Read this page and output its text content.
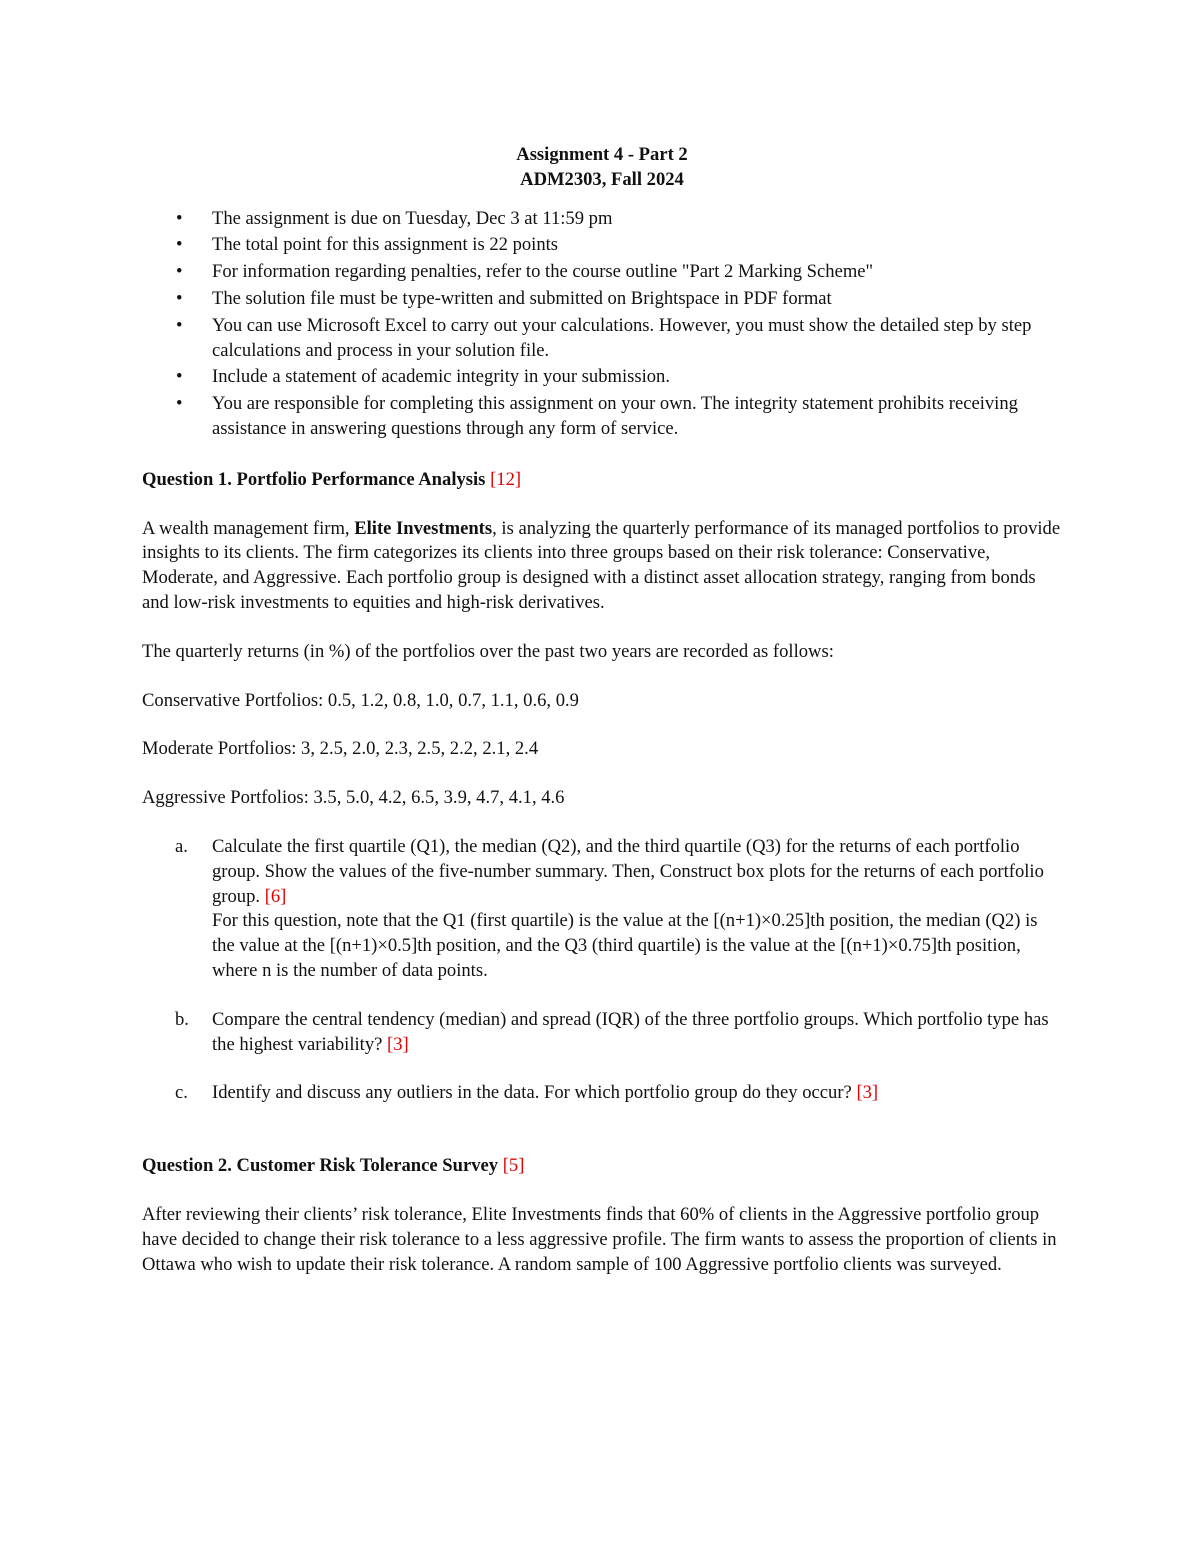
Assignment 4 - Part 2

ADM2303, Fall 2024

• The assignment is due on Tuesday, Dec 3 at 11:59 pm
• The total point for this assignment is 22 points
• For information regarding penalties, refer to the course outline "Part 2 Marking Scheme"
• The solution file must be type-written and submitted on Brightspace in PDF format
• You can use Microsoft Excel to carry out your calculations. However, you must show the detailed step by step calculations and process in your solution file.
• Include a statement of academic integrity in your submission.
• You are responsible for completing this assignment on your own. The integrity statement prohibits receiving assistance in answering questions through any form of service.

Question 1. Portfolio Performance Analysis [12]

A wealth management firm, Elite Investments, is analyzing the quarterly performance of its managed portfolios to provide insights to its clients. The firm categorizes its clients into three groups based on their risk tolerance: Conservative, Moderate, and Aggressive. Each portfolio group is designed with a distinct asset allocation strategy, ranging from bonds and low-risk investments to equities and high-risk derivatives.

The quarterly returns (in %) of the portfolios over the past two years are recorded as follows:

Conservative Portfolios: 0.5, 1.2, 0.8, 1.0, 0.7, 1.1, 0.6, 0.9

Moderate Portfolios: 3, 2.5, 2.0, 2.3, 2.5, 2.2, 2.1, 2.4

Aggressive Portfolios: 3.5, 5.0, 4.2, 6.5, 3.9, 4.7, 4.1, 4.6

a. Calculate the first quartile (Q1), the median (Q2), and the third quartile (Q3) for the returns of each portfolio group. Show the values of the five-number summary. Then, Construct box plots for the returns of each portfolio group. [6]
For this question, note that the Q1 (first quartile) is the value at the [(n+1)×0.25]th position, the median (Q2) is the value at the [(n+1)×0.5]th position, and the Q3 (third quartile) is the value at the [(n+1)×0.75]th position, where n is the number of data points.
b. Compare the central tendency (median) and spread (IQR) of the three portfolio groups. Which portfolio type has the highest variability? [3]
c. Identify and discuss any outliers in the data. For which portfolio group do they occur? [3]

Question 2. Customer Risk Tolerance Survey [5]

After reviewing their clients’ risk tolerance, Elite Investments finds that 60% of clients in the Aggressive portfolio group have decided to change their risk tolerance to a less aggressive profile. The firm wants to assess the proportion of clients in Ottawa who wish to update their risk tolerance. A random sample of 100 Aggressive portfolio clients was surveyed.
